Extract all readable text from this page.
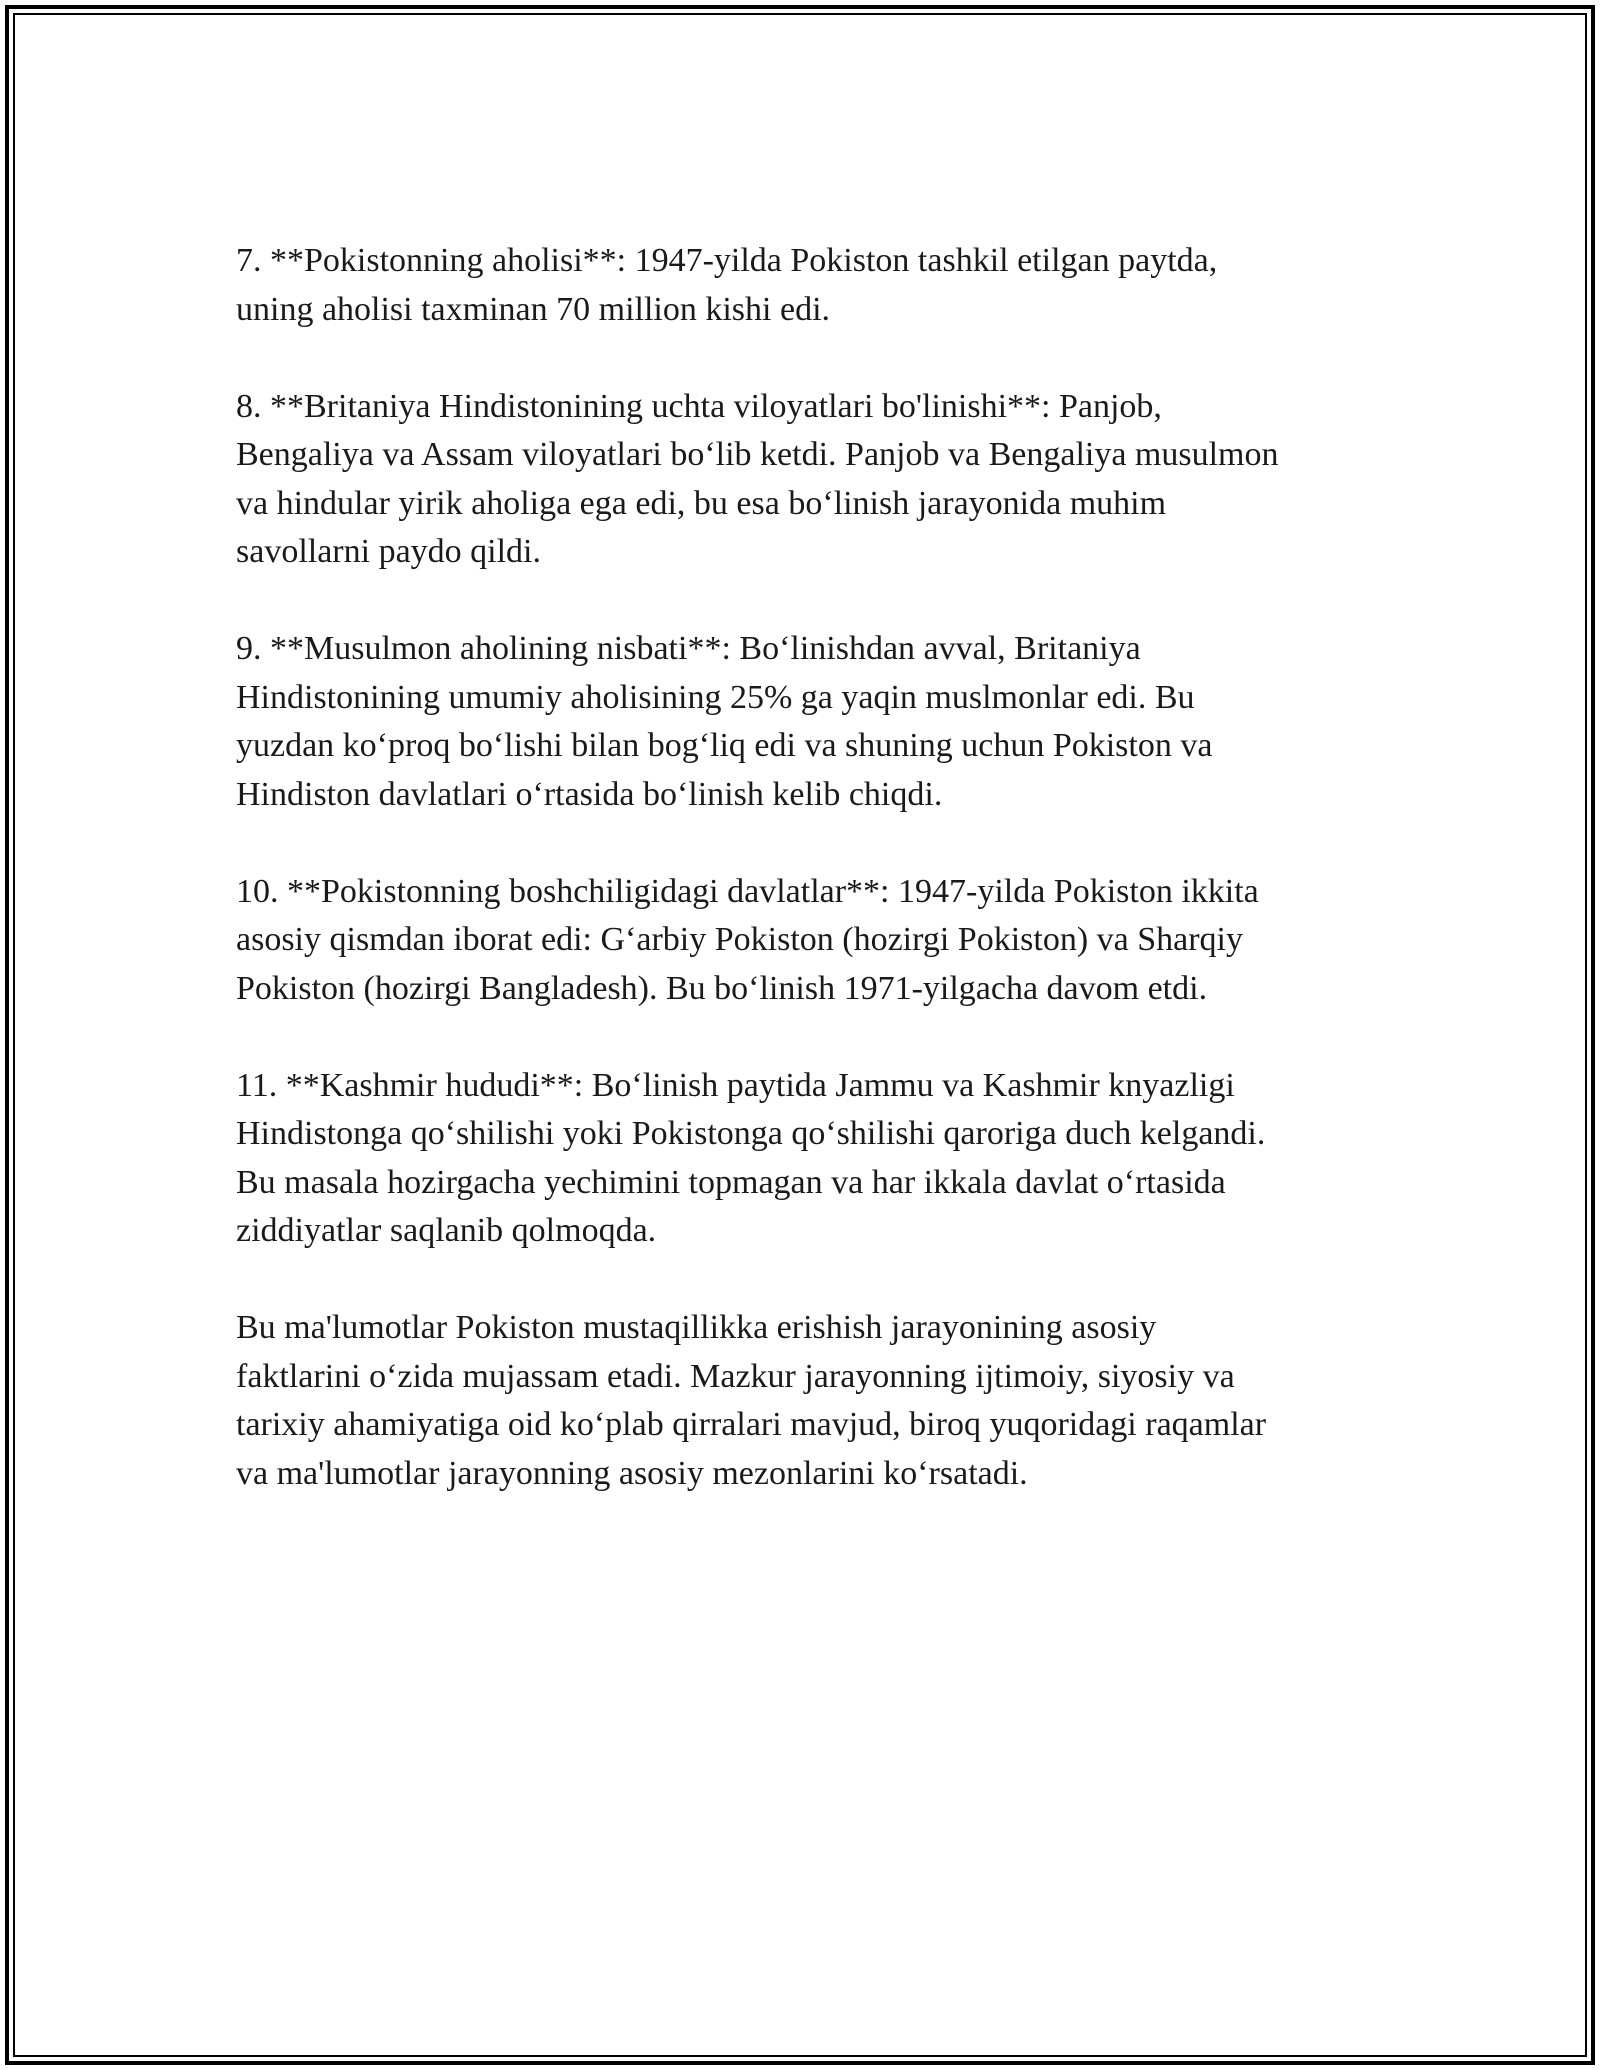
7. **Pokistonning aholisi**: 1947-yilda Pokiston tashkil etilgan paytda,
uning aholisi taxminan 70 million kishi edi.

8. **Britaniya Hindistonining uchta viloyatlari bo'linishi**: Panjob,
Bengaliya va Assam viloyatlari bo‘lib ketdi. Panjob va Bengaliya musulmon
va hindular yirik aholiga ega edi, bu esa bo‘linish jarayonida muhim
savollarni paydo qildi.

9. **Musulmon aholining nisbati**: Bo‘linishdan avval, Britaniya
Hindistonining umumiy aholisining 25% ga yaqin muslmonlar edi. Bu
yuzdan ko‘proq bo‘lishi bilan bog‘liq edi va shuning uchun Pokiston va
Hindiston davlatlari o‘rtasida bo‘linish kelib chiqdi.

10. **Pokistonning boshchiligidagi davlatlar**: 1947-yilda Pokiston ikkita
asosiy qismdan iborat edi: G‘arbiy Pokiston (hozirgi Pokiston) va Sharqiy
Pokiston (hozirgi Bangladesh). Bu bo‘linish 1971-yilgacha davom etdi.

11. **Kashmir hududi**: Bo‘linish paytida Jammu va Kashmir knyazligi
Hindistonga qo‘shilishi yoki Pokistonga qo‘shilishi qaroriga duch kelgandi.
Bu masala hozirgacha yechimini topmagan va har ikkala davlat o‘rtasida
ziddiyatlar saqlanib qolmoqda.

Bu ma'lumotlar Pokiston mustaqillikka erishish jarayonining asosiy
faktlarini o‘zida mujassam etadi. Mazkur jarayonning ijtimoiy, siyosiy va
tarixiy ahamiyatiga oid ko‘plab qirralari mavjud, biroq yuqoridagi raqamlar
va ma'lumotlar jarayonning asosiy mezonlarini ko‘rsatadi.
